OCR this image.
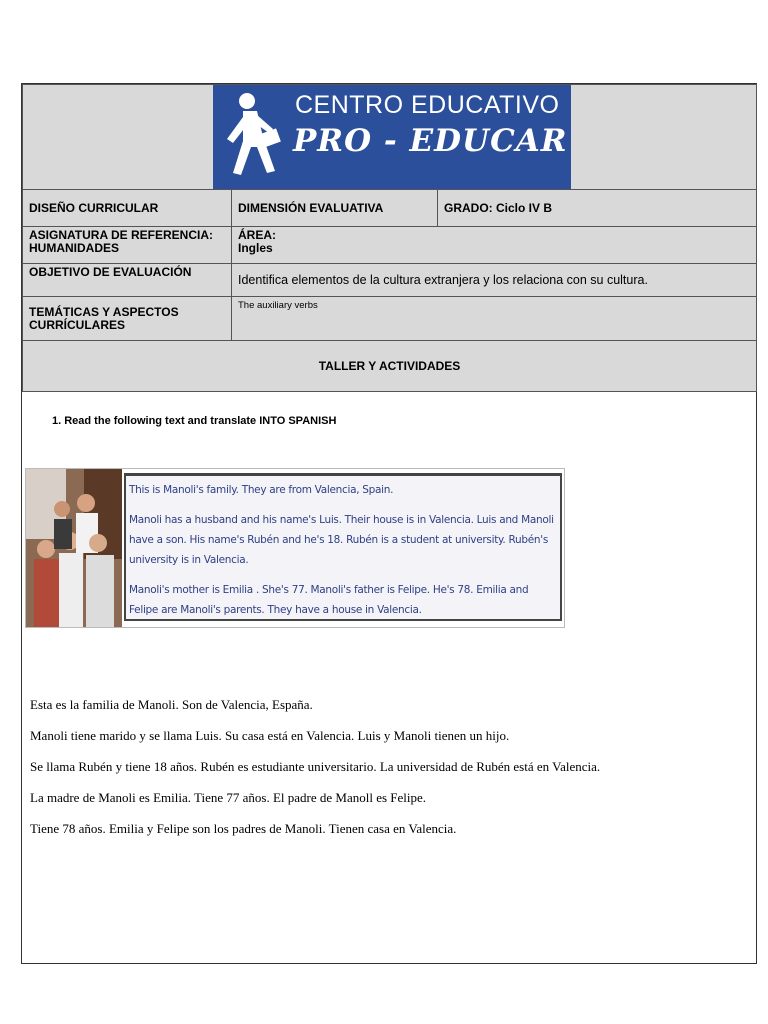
CENTRO EDUCATIVO
PRO - EDUCAR		

DISEÑO CURRICULAR	DIMENSIÓN EVALUATIVA	GRADO: Ciclo IV B
ASIGNATURA DE REFERENCIA: HUMANIDADES	ÁREA:
Ingles	

OBJETIVO DE EVALUACIÓN	Identifica elementos de la cultura extranjera y los relaciona con su cultura.	
TEMÁTICAS Y ASPECTOS CURRÍCULARES	The auxiliary verbs	
TALLER Y ACTIVIDADES		
1. Read the following text and translate INTO SPANISH

This is Manoli's family. They are from Valencia, Spain.

Manoli has a husband and his name's Luis. Their house is in Valencia. Luis and Manoli have a son. His name's Rubén and he's 18. Rubén is a student at university. Rubén's university is in Valencia.

Manoli's mother is Emilia . She's 77. Manoli's father is Felipe. He's 78. Emilia and Felipe are Manoli's parents. They have a house in Valencia.

Esta es la familia de Manoli. Son de Valencia, España.
Manoli tiene marido y se llama Luis. Su casa está en Valencia. Luis y Manoli tienen un hijo.
Se llama Rubén y tiene 18 años. Rubén es estudiante universitario. La universidad de Rubén está en Valencia.
La madre de Manoli es Emilia. Tiene 77 años. El padre de Manoll es Felipe.
Tiene 78 años. Emilia y Felipe son los padres de Manoli. Tienen casa en Valencia.
